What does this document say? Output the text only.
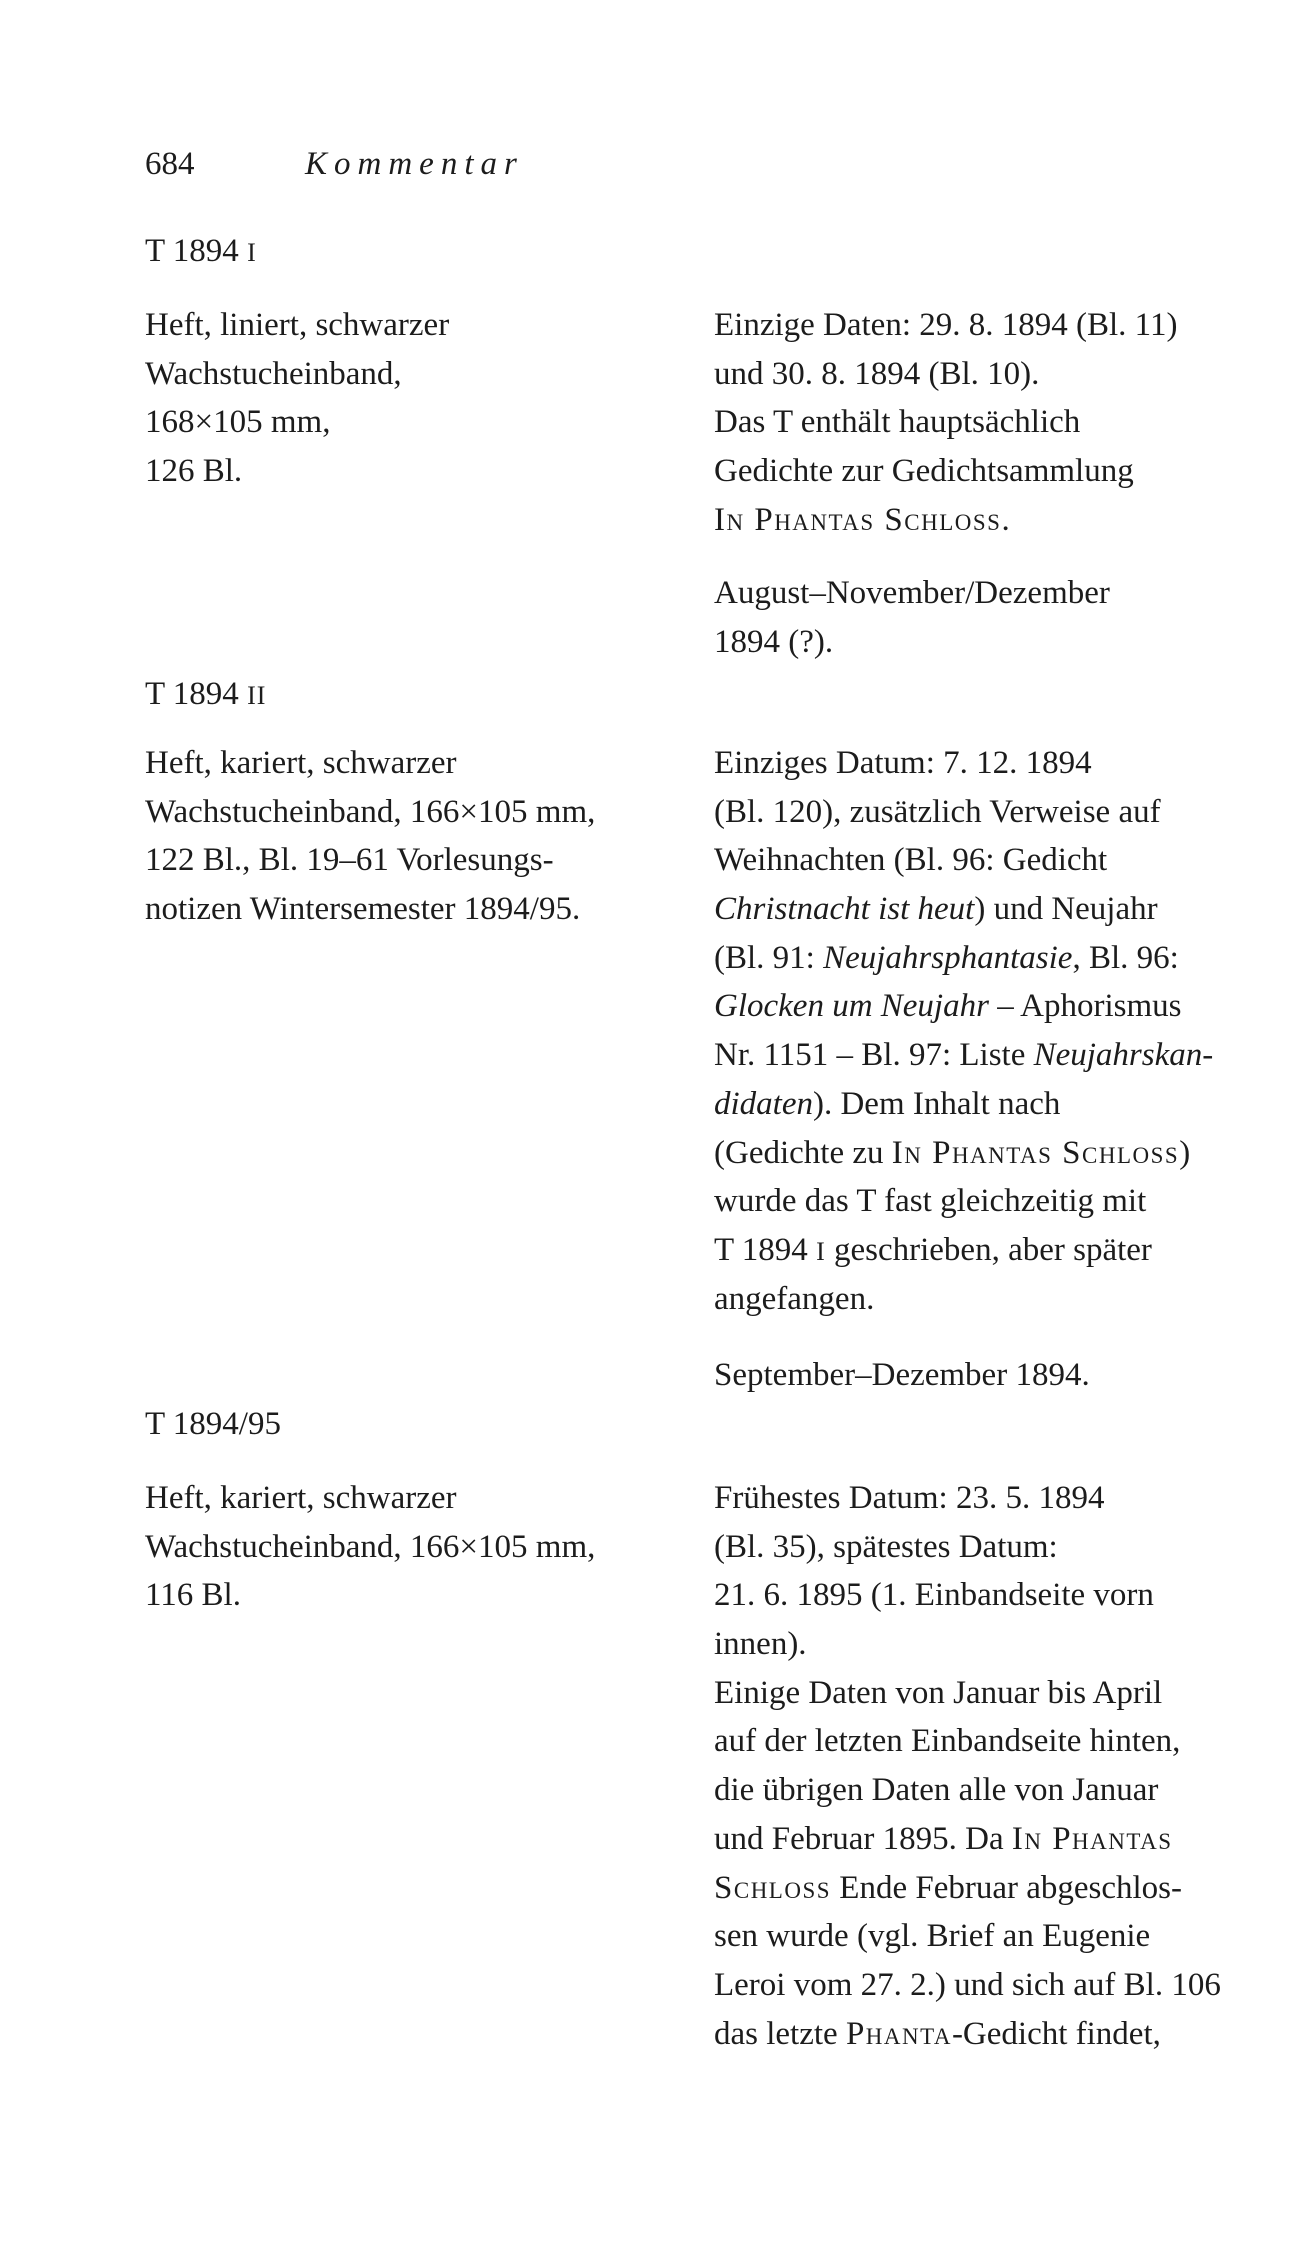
684	Kommentar
T 1894 I
Heft, liniert, schwarzer
Wachstucheinband,
168×105 mm,
126 Bl.
Einzige Daten: 29. 8. 1894 (Bl. 11)
und 30. 8. 1894 (Bl. 10).
Das T enthält hauptsächlich
Gedichte zur Gedichtsammlung
In Phantas Schloss.
August–November/Dezember
1894 (?).
T 1894 II
Heft, kariert, schwarzer
Wachstucheinband, 166×105 mm,
122 Bl., Bl. 19–61 Vorlesungs-
notizen Wintersemester 1894/95.
Einziges Datum: 7. 12. 1894
(Bl. 120), zusätzlich Verweise auf
Weihnachten (Bl. 96: Gedicht
Christnacht ist heut) und Neujahr
(Bl. 91: Neujahrsphantasie, Bl. 96:
Glocken um Neujahr – Aphorismus
Nr. 1151 – Bl. 97: Liste Neujahrskan-
didaten). Dem Inhalt nach
(Gedichte zu In Phantas Schloss)
wurde das T fast gleichzeitig mit
T 1894 I geschrieben, aber später
angefangen.
September–Dezember 1894.
T 1894/95
Heft, kariert, schwarzer
Wachstucheinband, 166×105 mm,
116 Bl.
Frühestes Datum: 23. 5. 1894
(Bl. 35), spätestes Datum:
21. 6. 1895 (1. Einbandseite vorn
innen).
Einige Daten von Januar bis April
auf der letzten Einbandseite hinten,
die übrigen Daten alle von Januar
und Februar 1895. Da In Phantas
Schloss Ende Februar abgeschlos-
sen wurde (vgl. Brief an Eugenie
Leroi vom 27. 2.) und sich auf Bl. 106
das letzte Phanta-Gedicht findet,
